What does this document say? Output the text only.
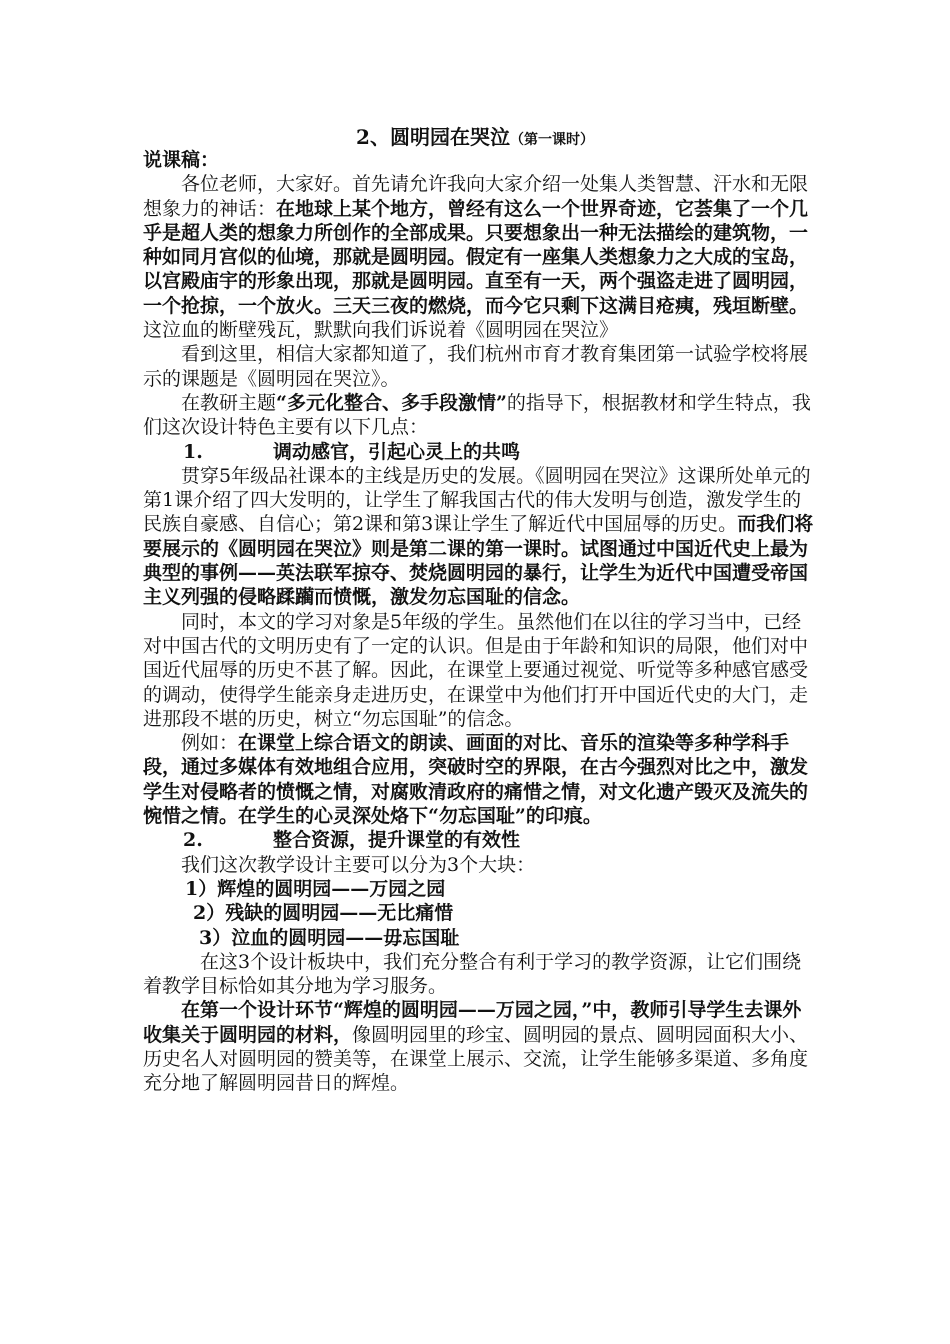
2、圆明园在哭泣（第一课时）

说课稿：

各位老师，大家好。首先请允许我向大家介绍一处集人类智慧、汗水和无限想象力的神话：在地球上某个地方，曾经有这么一个世界奇迹，它荟集了一个几乎是超人类的想象力所创作的全部成果。只要想象出一种无法描绘的建筑物，一种如同月宫似的仙境，那就是圆明园。假定有一座集人类想象力之大成的宝岛，以宫殿庙宇的形象出现，那就是圆明园。直至有一天，两个强盗走进了圆明园，一个抢掠，一个放火。三天三夜的燃烧，而今它只剩下这满目疮痍，残垣断壁。这泣血的断壁残瓦，默默向我们诉说着《圆明园在哭泣》

看到这里，相信大家都知道了，我们杭州市育才教育集团第一试验学校将展示的课题是《圆明园在哭泣》。

在教研主题“多元化整合、多手段激情”的指导下，根据教材和学生特点，我们这次设计特色主要有以下几点：

1.	调动感官，引起心灵上的共鸣

贯穿5年级品社课本的主线是历史的发展。《圆明园在哭泣》这课所处单元的第1课介绍了四大发明的，让学生了解我国古代的伟大发明与创造，激发学生的民族自豪感、自信心；第2课和第3课让学生了解近代中国屈辱的历史。而我们将要展示的《圆明园在哭泣》则是第二课的第一课时。试图通过中国近代史上最为典型的事例——英法联军掠夺、焚烧圆明园的暴行，让学生为近代中国遭受帝国主义列强的侵略蹂躏而愤慨，激发勿忘国耻的信念。

同时，本文的学习对象是5年级的学生。虽然他们在以往的学习当中，已经对中国古代的文明历史有了一定的认识。但是由于年龄和知识的局限，他们对中国近代屈辱的历史不甚了解。因此，在课堂上要通过视觉、听觉等多种感官感受的调动，使得学生能亲身走进历史，在课堂中为他们打开中国近代史的大门，走进那段不堪的历史，树立“勿忘国耻”的信念。

例如：在课堂上综合语文的朗读、画面的对比、音乐的渲染等多种学科手段，通过多媒体有效地组合应用，突破时空的界限，在古今强烈对比之中，激发学生对侵略者的愤慨之情，对腐败清政府的痛惜之情，对文化遗产毁灭及流失的惋惜之情。在学生的心灵深处烙下“勿忘国耻”的印痕。

2.	整合资源，提升课堂的有效性

我们这次教学设计主要可以分为3个大块：

1）辉煌的圆明园——万园之园

2）残缺的圆明园——无比痛惜

3）泣血的圆明园——毋忘国耻

在这3个设计板块中，我们充分整合有利于学习的教学资源，让它们围绕着教学目标恰如其分地为学习服务。

在第一个设计环节“辉煌的圆明园——万园之园，”中，教师引导学生去课外收集关于圆明园的材料，像圆明园里的珍宝、圆明园的景点、圆明园面积大小、历史名人对圆明园的赞美等，在课堂上展示、交流，让学生能够多渠道、多角度充分地了解圆明园昔日的辉煌。
